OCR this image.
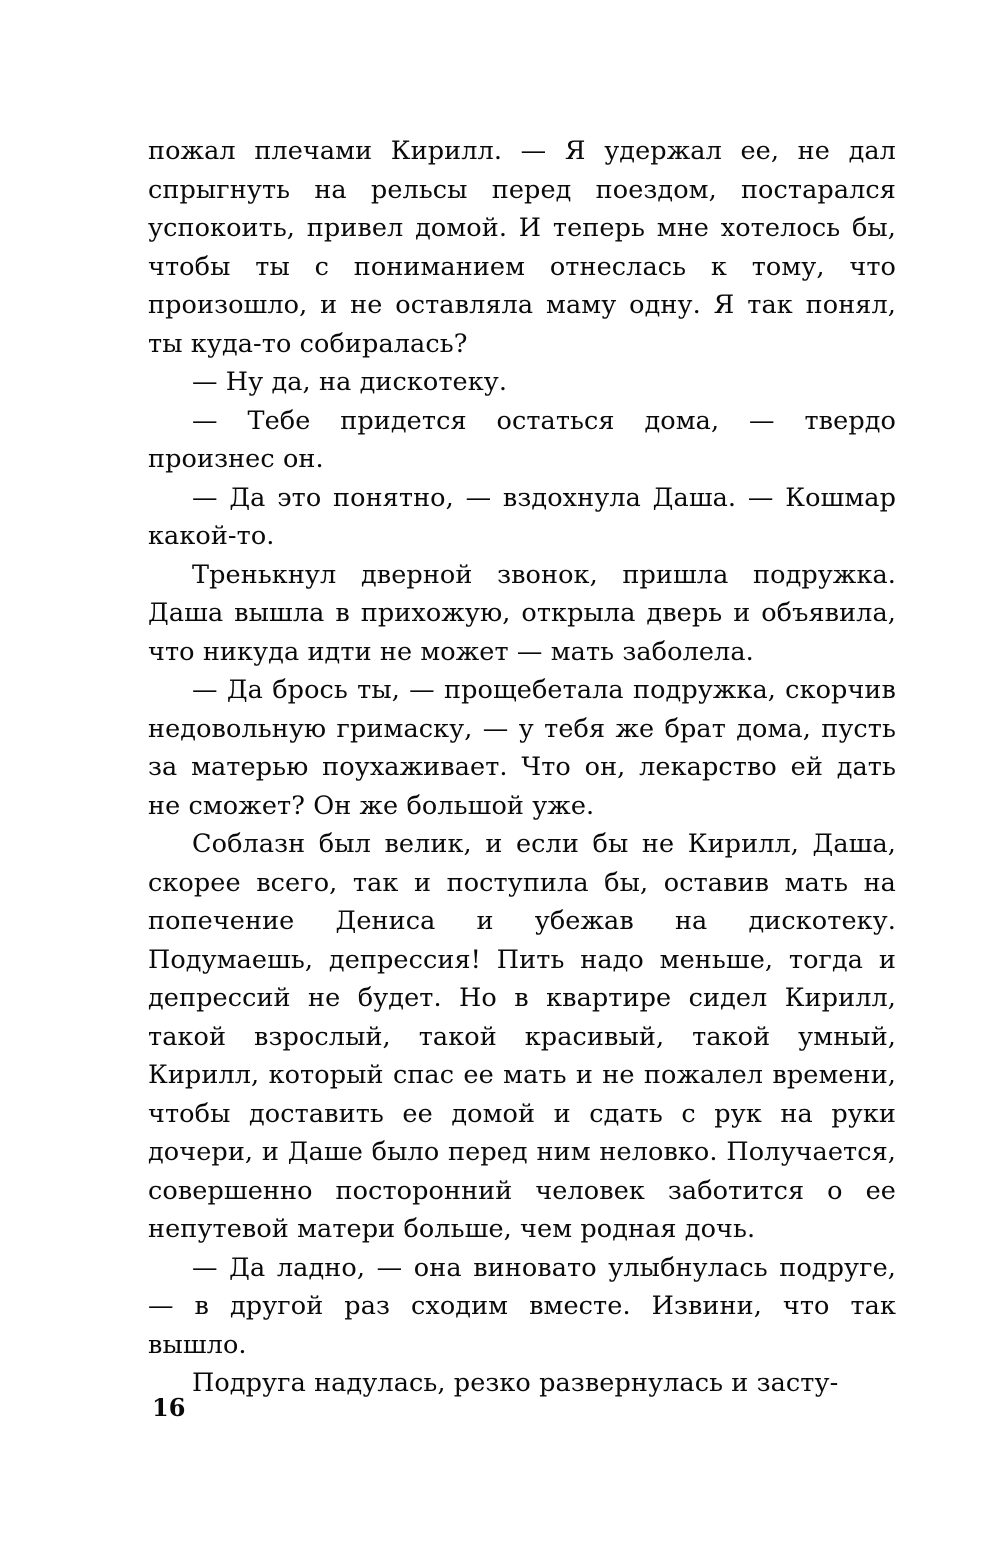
пожал плечами Кирилл. — Я удержал ее, не дал спрыгнуть на рельсы перед поездом, постарался успокоить, привел домой. И теперь мне хотелось бы, чтобы ты с пониманием отнеслась к тому, что произошло, и не оставляла маму одну. Я так понял, ты куда-то собиралась?

— Ну да, на дискотеку.

— Тебе придется остаться дома, — твердо произнес он.

— Да это понятно, — вздохнула Даша. — Кошмар какой-то.

Тренькнул дверной звонок, пришла подружка. Даша вышла в прихожую, открыла дверь и объявила, что никуда идти не может — мать заболела.

— Да брось ты, — прощебетала подружка, скорчив недовольную гримаску, — у тебя же брат дома, пусть за матерью поухаживает. Что он, лекарство ей дать не сможет? Он же большой уже.

Соблазн был велик, и если бы не Кирилл, Даша, скорее всего, так и поступила бы, оставив мать на попечение Дениса и убежав на дискотеку. Подумаешь, депрессия! Пить надо меньше, тогда и депрессий не будет. Но в квартире сидел Кирилл, такой взрослый, такой красивый, такой умный, Кирилл, который спас ее мать и не пожалел времени, чтобы доставить ее домой и сдать с рук на руки дочери, и Даше было перед ним неловко. Получается, совершенно посторонний человек заботится о ее непутевой матери больше, чем родная дочь.

— Да ладно, — она виновато улыбнулась подруге, — в другой раз сходим вместе. Извини, что так вышло.

Подруга надулась, резко развернулась и засту-

16
